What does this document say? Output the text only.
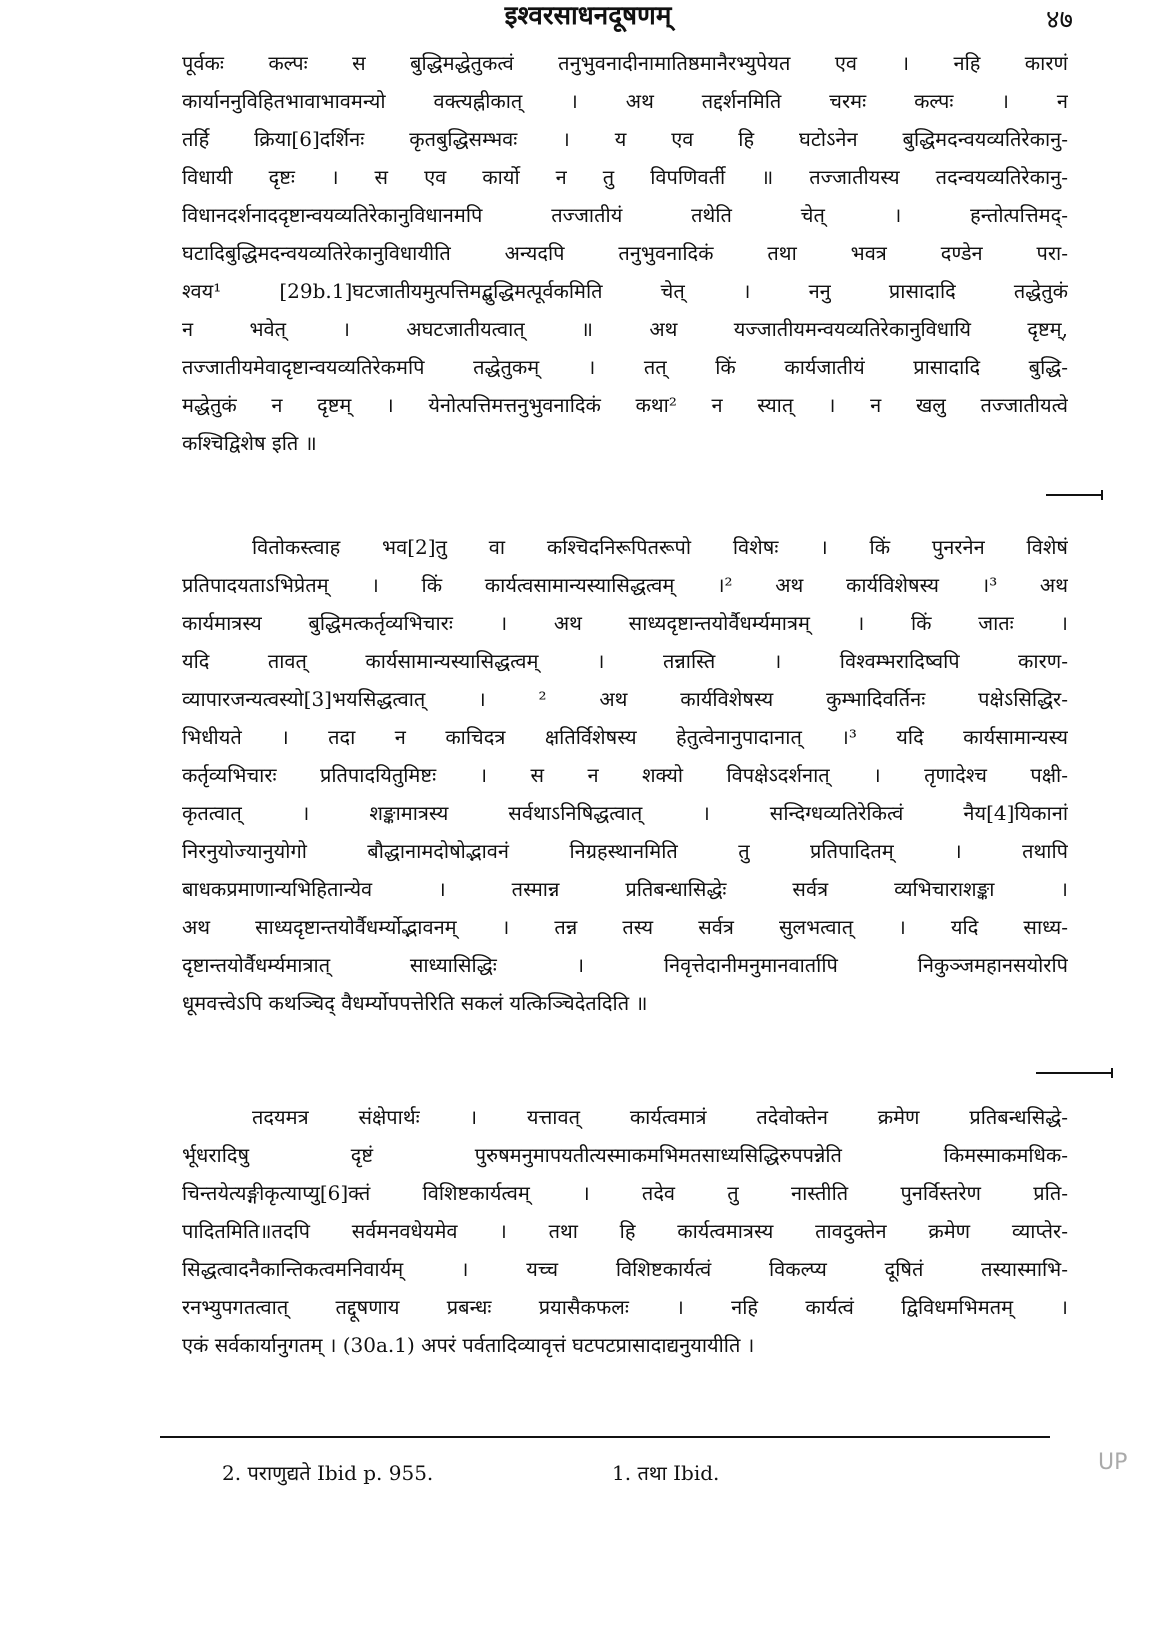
इश्वरसाधनदूषणम्	४७
पूर्वकः कल्पः स बुद्धिमद्धेतुकत्वं तनुभुवनादीनामातिष्ठमानैरभ्युपेयत एव । नहि कारणं
कार्याननुविहितभावाभावमन्यो वक्त्यह्नीकात् । अथ तद्दर्शनमिति चरमः कल्पः । न
तर्हि क्रिया[6]दर्शिनः कृतबुद्धिसम्भवः । य एव हि घटोऽनेन बुद्धिमदन्वयव्यतिरेकानु-
विधायी दृष्टः । स एव कार्यो न तु विपणिवर्ती ॥ तज्जातीयस्य तदन्वयव्यतिरेकानु-
विधानदर्शनाददृष्टान्वयव्यतिरेकानुविधानमपि तज्जातीयं तथेति चेत् । हन्तोत्पत्तिमद्-
घटादिबुद्धिमदन्वयव्यतिरेकानुविधायीति अन्यदपि तनुभुवनादिकं तथा भवत्र दण्डेन परा-
श्वय¹ [29b.1]घटजातीयमुत्पत्तिमद्बुद्धिमत्पूर्वकमिति चेत् । ननु प्रासादादि तद्धेतुकं
न भवेत् । अघटजातीयत्वात् ॥ अथ यज्जातीयमन्वयव्यतिरेकानुविधायि दृष्टम्,
तज्जातीयमेवादृष्टान्वयव्यतिरेकमपि तद्धेतुकम् । तत् किं कार्यजातीयं प्रासादादि बुद्धि-
मद्धेतुकं न दृष्टम् । येनोत्पत्तिमत्तनुभुवनादिकं कथा² न स्यात् । न खलु तज्जातीयत्वे
कश्चिद्विशेष इति ॥
वितोकस्त्वाह भव[2]तु वा कश्चिदनिरूपितरूपो विशेषः । किं पुनरनेन विशेषं
प्रतिपादयताऽभिप्रेतम् । किं कार्यत्वसामान्यस्यासिद्धत्वम् ।² अथ कार्यविशेषस्य ।³ अथ
कार्यमात्रस्य बुद्धिमत्कर्तृव्यभिचारः । अथ साध्यदृष्टान्तयोर्वैधर्म्यमात्रम् । किं जातः ।
यदि तावत् कार्यसामान्यस्यासिद्धत्वम् । तन्नास्ति । विश्वम्भरादिष्वपि कारण-
व्यापारजन्यत्वस्यो[3]भयसिद्धत्वात् । ² अथ कार्यविशेषस्य कुम्भादिवर्तिनः पक्षेऽसिद्धिर-
भिधीयते । तदा न काचिदत्र क्षतिर्विशेषस्य हेतुत्वेनानुपादानात् ।³ यदि कार्यसामान्यस्य
कर्तृव्यभिचारः प्रतिपादयितुमिष्टः । स न शक्यो विपक्षेऽदर्शनात् । तृणादेश्च पक्षी-
कृतत्वात् । शङ्कामात्रस्य सर्वथाऽनिषिद्धत्वात् । सन्दिग्धव्यतिरेकित्वं नैय[4]यिकानां
निरनुयोज्यानुयोगो बौद्धानामदोषोद्भावनं निग्रहस्थानमिति तु प्रतिपादितम् । तथापि
बाधकप्रमाणान्यभिहितान्येव । तस्मान्न प्रतिबन्धासिद्धेः सर्वत्र व्यभिचाराशङ्का ।
अथ साध्यदृष्टान्तयोर्वैधर्म्योद्भावनम् । तन्न तस्य सर्वत्र सुलभत्वात् । यदि साध्य-
दृष्टान्तयोर्वैधर्म्यमात्रात् साध्यासिद्धिः । निवृत्तेदानीमनुमानवार्तापि निकुञ्जमहानसयोरपि
धूमवत्त्वेऽपि कथञ्चिद् वैधर्म्योपपत्तेरिति सकलं यत्किञ्चिदेतदिति ॥
तदयमत्र संक्षेपार्थः । यत्तावत् कार्यत्वमात्रं तदेवोक्तेन क्रमेण प्रतिबन्धसिद्धे-
र्भूधरादिषु दृष्टं पुरुषमनुमापयतीत्यस्माकमभिमतसाध्यसिद्धिरुपपन्नेति किमस्माकमधिक-
चिन्तयेत्यङ्गीकृत्याप्यु[6]क्तं विशिष्टकार्यत्वम् । तदेव तु नास्तीति पुनर्विस्तरेण प्रति-
पादितमिति॥तदपि सर्वमनवधेयमेव । तथा हि कार्यत्वमात्रस्य तावदुक्तेन क्रमेण व्याप्तेर-
सिद्धत्वादनैकान्तिकत्वमनिवार्यम् । यच्च विशिष्टकार्यत्वं विकल्प्य दूषितं तस्यास्माभि-
रनभ्युपगतत्वात् तद्दूषणाय प्रबन्धः प्रयासैकफलः । नहि कार्यत्वं द्विविधमभिमतम् ।
एकं सर्वकार्यानुगतम् । (30a.1) अपरं पर्वतादिव्यावृत्तं घटपटप्रासादाद्यनुयायीति ।
UP
2. पराणुद्यते Ibid p. 955.	1. तथा Ibid.
